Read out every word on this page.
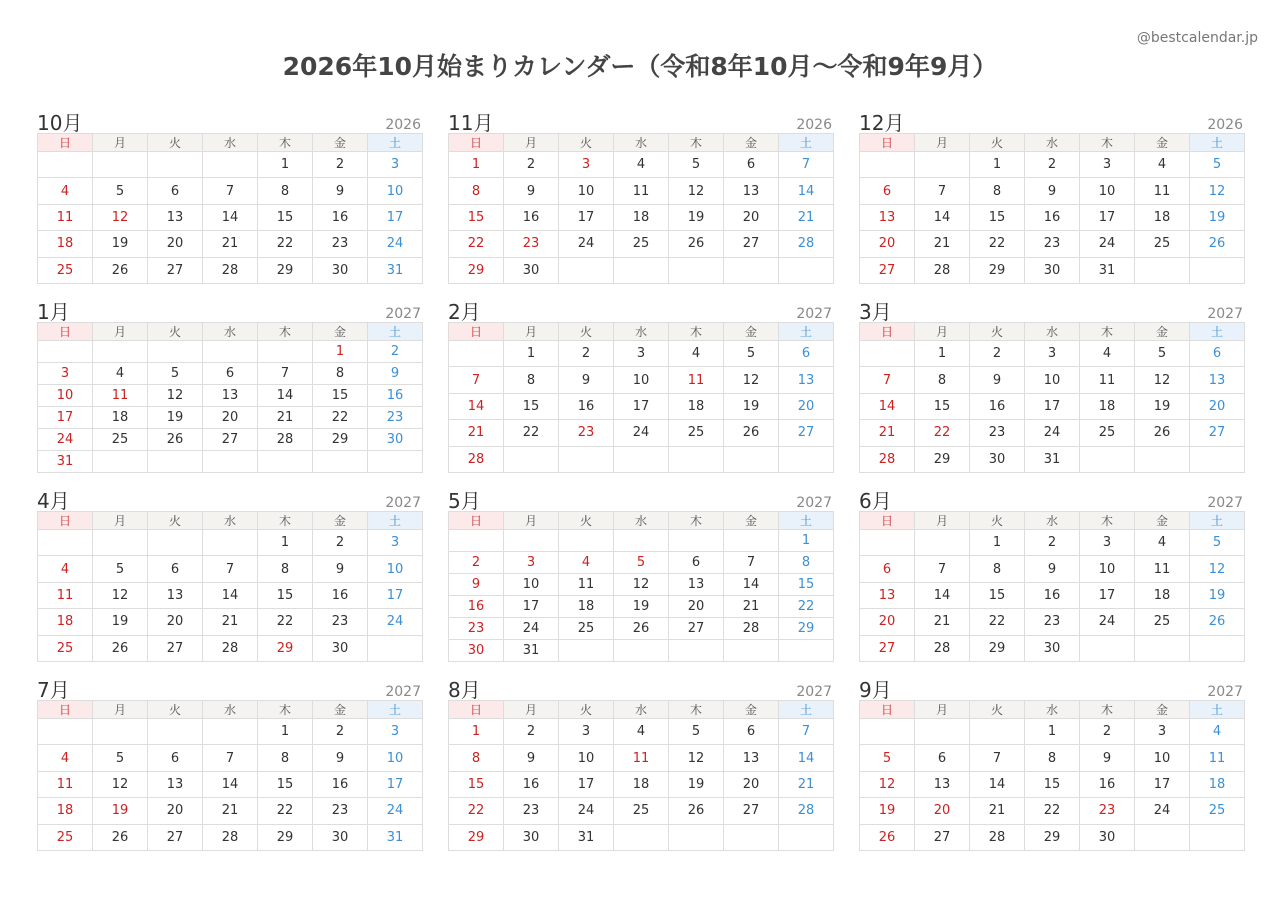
@bestcalendar.jp
2026年10月始まりカレンダー（令和8年10月～令和9年9月）
10月	2026
日	月	火	水	木	金	土
				1	2	3
4	5	6	7	8	9	10
11	12	13	14	15	16	17
18	19	20	21	22	23	24
25	26	27	28	29	30	31
11月	2026
日	月	火	水	木	金	土
1	2	3	4	5	6	7
8	9	10	11	12	13	14
15	16	17	18	19	20	21
22	23	24	25	26	27	28
29	30					
12月	2026
日	月	火	水	木	金	土
		1	2	3	4	5
6	7	8	9	10	11	12
13	14	15	16	17	18	19
20	21	22	23	24	25	26
27	28	29	30	31		
1月	2027
日	月	火	水	木	金	土
					1	2
3	4	5	6	7	8	9
10	11	12	13	14	15	16
17	18	19	20	21	22	23
24	25	26	27	28	29	30
31						
2月	2027
日	月	火	水	木	金	土
	1	2	3	4	5	6
7	8	9	10	11	12	13
14	15	16	17	18	19	20
21	22	23	24	25	26	27
28						
3月	2027
日	月	火	水	木	金	土
	1	2	3	4	5	6
7	8	9	10	11	12	13
14	15	16	17	18	19	20
21	22	23	24	25	26	27
28	29	30	31			
4月	2027
日	月	火	水	木	金	土
				1	2	3
4	5	6	7	8	9	10
11	12	13	14	15	16	17
18	19	20	21	22	23	24
25	26	27	28	29	30	
5月	2027
日	月	火	水	木	金	土
						1
2	3	4	5	6	7	8
9	10	11	12	13	14	15
16	17	18	19	20	21	22
23	24	25	26	27	28	29
30	31					
6月	2027
日	月	火	水	木	金	土
		1	2	3	4	5
6	7	8	9	10	11	12
13	14	15	16	17	18	19
20	21	22	23	24	25	26
27	28	29	30			
7月	2027
日	月	火	水	木	金	土
				1	2	3
4	5	6	7	8	9	10
11	12	13	14	15	16	17
18	19	20	21	22	23	24
25	26	27	28	29	30	31
8月	2027
日	月	火	水	木	金	土
1	2	3	4	5	6	7
8	9	10	11	12	13	14
15	16	17	18	19	20	21
22	23	24	25	26	27	28
29	30	31				
9月	2027
日	月	火	水	木	金	土
			1	2	3	4
5	6	7	8	9	10	11
12	13	14	15	16	17	18
19	20	21	22	23	24	25
26	27	28	29	30		
